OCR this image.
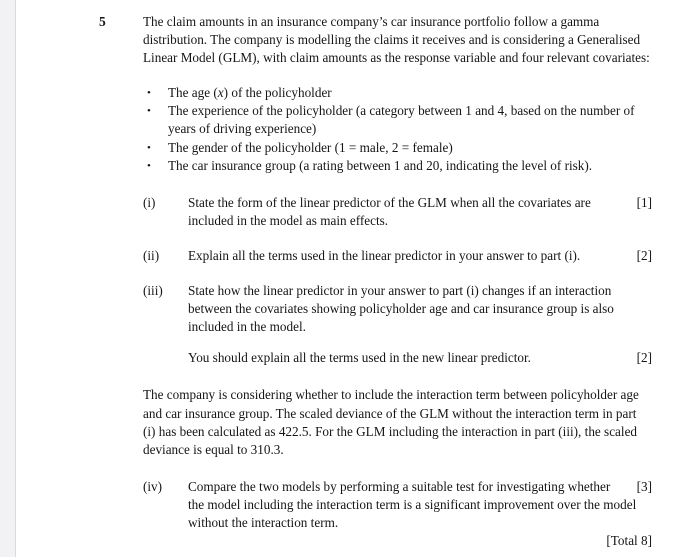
5	The claim amounts in an insurance company’s car insurance portfolio follow a gamma distribution. The company is modelling the claims it receives and is considering a Generalised Linear Model (GLM), with claim amounts as the response variable and four relevant covariates:

• The age (x) of the policyholder
• The experience of the policyholder (a category between 1 and 4, based on the number of years of driving experience)
• The gender of the policyholder (1 = male, 2 = female)
• The car insurance group (a rating between 1 and 20, indicating the level of risk).
(i)	[1]
State the form of the linear predictor of the GLM when all the covariates are included in the model as main effects.
(ii)	[2]
Explain all the terms used in the linear predictor in your answer to part (i).
(iii)	State how the linear predictor in your answer to part (i) changes if an interaction between the covariates showing policyholder age and car insurance group is also included in the model.
[2]
You should explain all the terms used in the new linear predictor.

The company is considering whether to include the interaction term between policyholder age and car insurance group. The scaled deviance of the GLM without the interaction term in part (i) has been calculated as 422.5. For the GLM including the interaction in part (iii), the scaled deviance is equal to 310.3.

(iv)	[3]
Compare the two models by performing a suitable test for investigating whether the model including the interaction term is a significant improvement over the model without the interaction term.
[Total 8]
